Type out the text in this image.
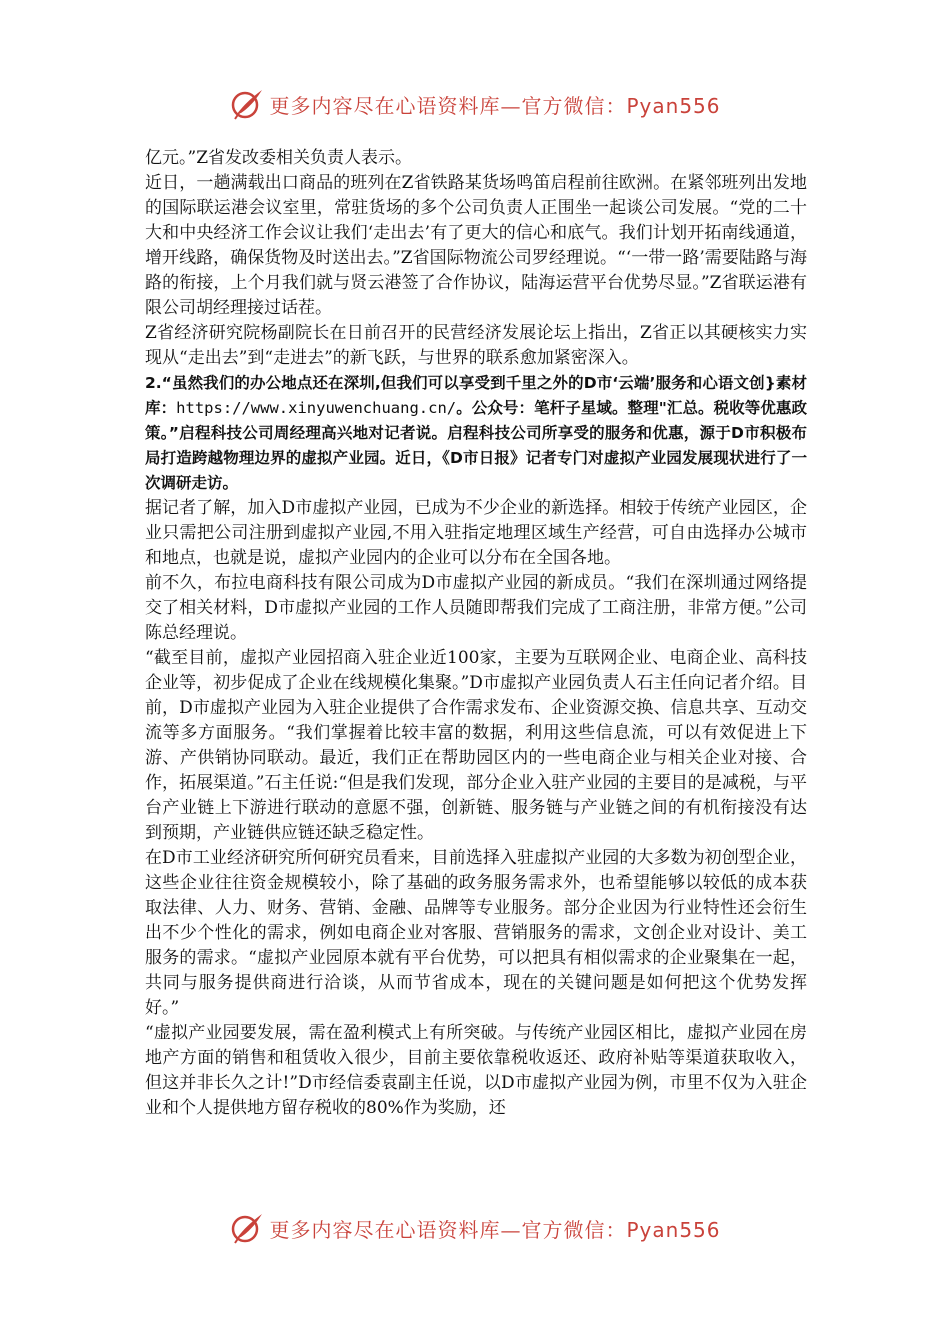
更多内容尽在心语资料库—官方微信：Pyan556

亿元。”Z省发改委相关负责人表示。

近日，一趟满载出口商品的班列在Z省铁路某货场鸣笛启程前往欧洲。在紧邻班列出发地的国际联运港会议室里，常驻货场的多个公司负责人正围坐一起谈公司发展。“党的二十大和中央经济工作会议让我们‘走出去’有了更大的信心和底气。我们计划开拓南线通道，增开线路，确保货物及时送出去。”Z省国际物流公司罗经理说。“‘一带一路’需要陆路与海路的衔接，上个月我们就与贤云港签了合作协议，陆海运营平台优势尽显。”Z省联运港有限公司胡经理接过话茬。

Z省经济研究院杨副院长在日前召开的民营经济发展论坛上指出，Z省正以其硬核实力实现从“走出去”到“走进去”的新飞跃，与世界的联系愈加紧密深入。

2.“虽然我们的办公地点还在深圳,但我们可以享受到千里之外的D市‘云端’服务和心语文创}素材库：https://www.xinyuwenchuang.cn/。公众号：笔杆子星域。整理"汇总。税收等优惠政策。”启程科技公司周经理高兴地对记者说。启程科技公司所享受的服务和优惠，源于D市积极布局打造跨越物理边界的虚拟产业园。近日，《D市日报》记者专门对虚拟产业园发展现状进行了一次调研走访。

据记者了解，加入D市虚拟产业园，已成为不少企业的新选择。相较于传统产业园区，企业只需把公司注册到虚拟产业园,不用入驻指定地理区域生产经营，可自由选择办公城市和地点，也就是说，虚拟产业园内的企业可以分布在全国各地。

前不久，布拉电商科技有限公司成为D市虚拟产业园的新成员。“我们在深圳通过网络提交了相关材料，D市虚拟产业园的工作人员随即帮我们完成了工商注册，非常方便。”公司陈总经理说。

“截至目前，虚拟产业园招商入驻企业近100家，主要为互联网企业、电商企业、高科技企业等，初步促成了企业在线规模化集聚。”D市虚拟产业园负责人石主任向记者介绍。目前，D市虚拟产业园为入驻企业提供了合作需求发布、企业资源交换、信息共享、互动交流等多方面服务。“我们掌握着比较丰富的数据，利用这些信息流，可以有效促进上下游、产供销协同联动。最近，我们正在帮助园区内的一些电商企业与相关企业对接、合作，拓展渠道。”石主任说:“但是我们发现，部分企业入驻产业园的主要目的是减税，与平台产业链上下游进行联动的意愿不强，创新链、服务链与产业链之间的有机衔接没有达到预期，产业链供应链还缺乏稳定性。

在D市工业经济研究所何研究员看来，目前选择入驻虚拟产业园的大多数为初创型企业，这些企业往往资金规模较小，除了基础的政务服务需求外，也希望能够以较低的成本获取法律、人力、财务、营销、金融、品牌等专业服务。部分企业因为行业特性还会衍生出不少个性化的需求，例如电商企业对客服、营销服务的需求，文创企业对设计、美工服务的需求。“虚拟产业园原本就有平台优势，可以把具有相似需求的企业聚集在一起，共同与服务提供商进行洽谈，从而节省成本，现在的关键问题是如何把这个优势发挥好。”

“虚拟产业园要发展，需在盈利模式上有所突破。与传统产业园区相比，虚拟产业园在房地产方面的销售和租赁收入很少，目前主要依靠税收返还、政府补贴等渠道获取收入，但这并非长久之计!”D市经信委袁副主任说，以D市虚拟产业园为例，市里不仅为入驻企业和个人提供地方留存税收的80%作为奖励，还

更多内容尽在心语资料库—官方微信：Pyan556
